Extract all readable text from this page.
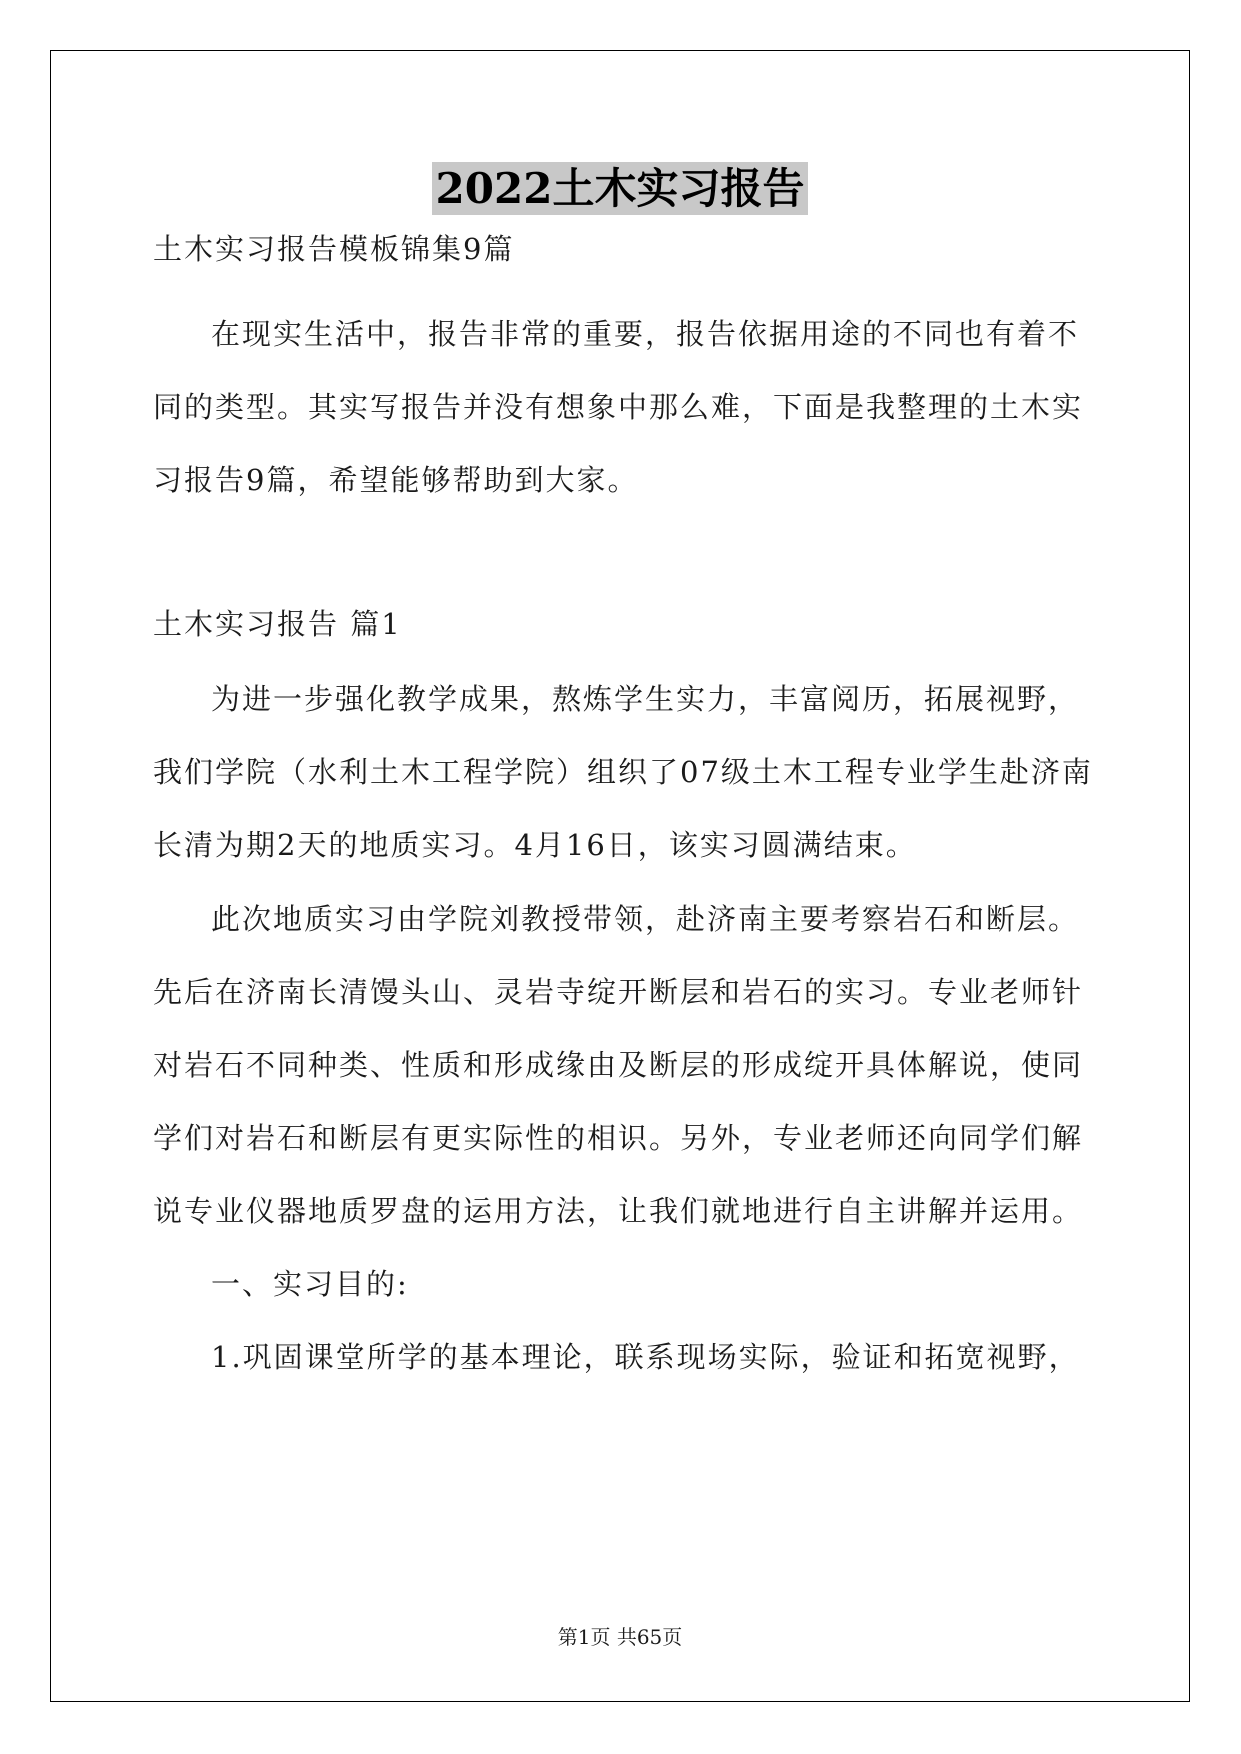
2022土木实习报告

土木实习报告模板锦集9篇

在现实生活中，报告非常的重要，报告依据用途的不同也有着不

同的类型。其实写报告并没有想象中那么难，下面是我整理的土木实

习报告9篇，希望能够帮助到大家。

土木实习报告 篇1

为进一步强化教学成果，熬炼学生实力，丰富阅历，拓展视野，

我们学院（水利土木工程学院）组织了07级土木工程专业学生赴济南

长清为期2天的地质实习。4月16日，该实习圆满结束。

此次地质实习由学院刘教授带领，赴济南主要考察岩石和断层。

先后在济南长清馒头山、灵岩寺绽开断层和岩石的实习。专业老师针

对岩石不同种类、性质和形成缘由及断层的形成绽开具体解说，使同

学们对岩石和断层有更实际性的相识。另外，专业老师还向同学们解

说专业仪器地质罗盘的运用方法，让我们就地进行自主讲解并运用。

一、实习目的:

1.巩固课堂所学的基本理论，联系现场实际，验证和拓宽视野，

第1页 共65页
